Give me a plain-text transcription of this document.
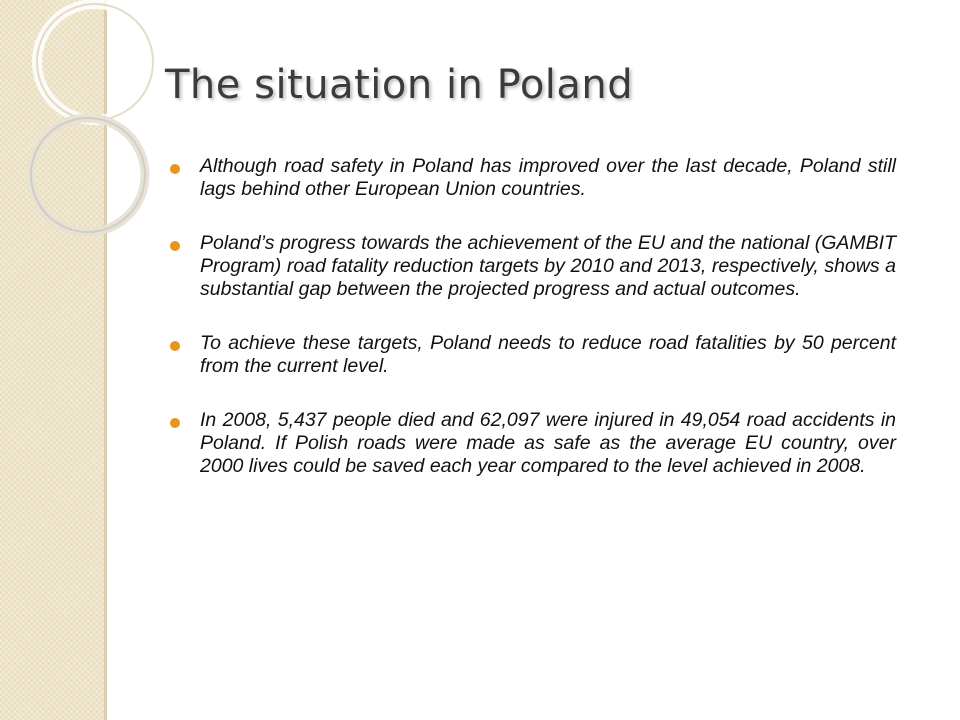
The situation in Poland
Although road safety in Poland has improved over the last decade, Poland still lags behind other European Union countries.
Poland’s progress towards the achievement of the EU and the national (GAMBIT Program) road fatality reduction targets by 2010 and 2013, respectively, shows a substantial gap between the projected progress and actual outcomes.
To achieve these targets, Poland needs to reduce road fatalities by 50 percent from the current level.
In 2008, 5,437 people died and 62,097 were injured in 49,054 road accidents in Poland. If Polish roads were made as safe as the average EU country, over 2000 lives could be saved each year compared to the level achieved in 2008.
